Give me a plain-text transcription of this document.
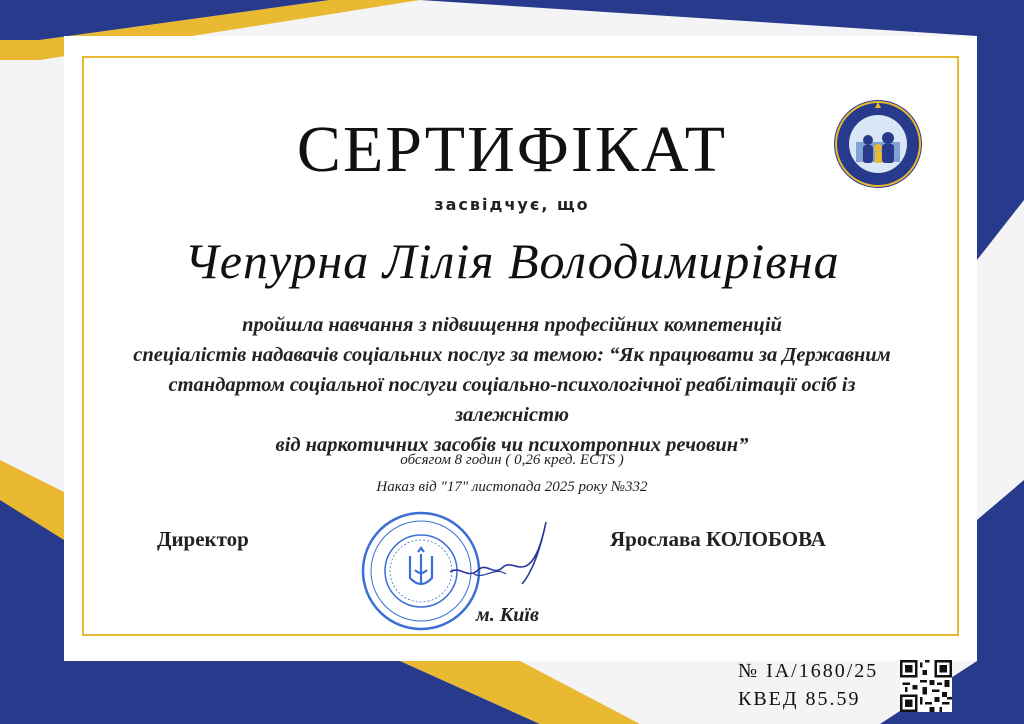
СЕРТИФІКАТ
засвідчує, що
Чепурна Лілія Володимирівна
пройшла навчання з підвищення професійних компетенцій
спеціалістів надавачів соціальних послуг за темою: “Як працювати за Державним
стандартом соціальної послуги соціально-психологічної реабілітації осіб із залежністю
від наркотичних засобів чи психотропних речовин”
обсягом 8 годин ( 0,26 кред. ECTS )
Наказ від "17" листопада 2025 року №332
Директор	Ярослава КОЛОБОВА
м. Київ
№ IA/1680/25
КВЕД 85.59
